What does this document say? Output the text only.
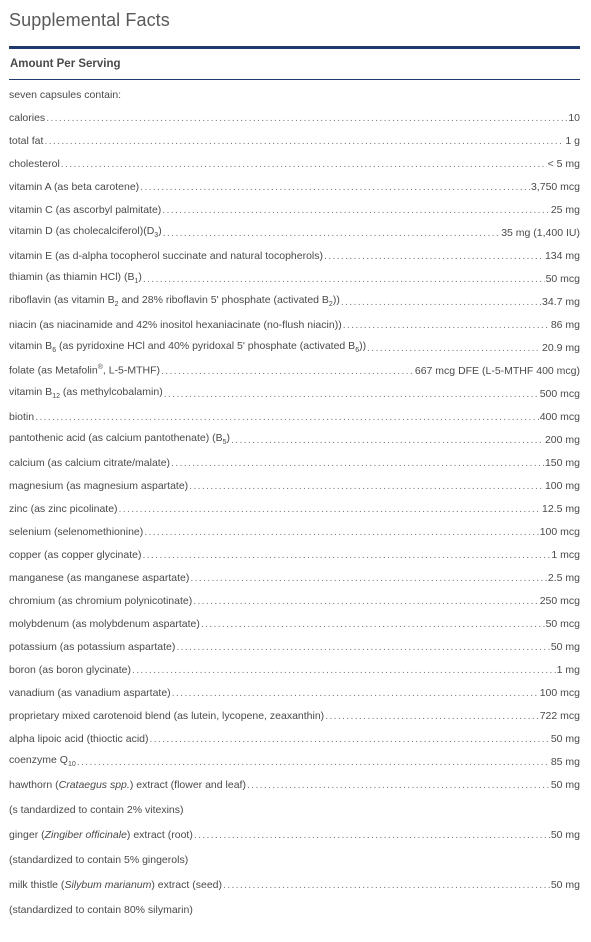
Supplemental Facts
Amount Per Serving
seven capsules contain:
calories .....	10
total fat .....	1 g
cholesterol .....	< 5 mg
vitamin A (as beta carotene) .....	3,750 mcg
vitamin C (as ascorbyl palmitate) .....	25 mg
vitamin D (as $cholecalciferol)(D_3)$ .....	35 mg (1,400 IU)
vitamin E (as d-alpha tocopherol succinate and natural tocopherols) .....	134 mg
thiamin (as thiamin HCl) $(B_1)$ .....	50 mcg
riboflavin (as vitamin $B_2$ and 28% riboflavin 5' phosphate (activated $B_2$)) .....	34.7 mg
niacin (as niacinamide and 42% inositol hexaniacinate (no-flush niacin)) .....	86 mg
vitamin $B_6$ (as pyridoxine HCl and 40% pyridoxal 5' phosphate (activated $B_6$)) .....	20.9 mg
folate (as Metafolin®, L-5-MTHF) .....	667 mcg DFE (L-5-MTHF 400 mcg)
vitamin $B_{12}$ (as methylcobalamin) .....	500 mcg
biotin .....	400 mcg
pantothenic acid (as calcium pantothenate) $(B_5)$ .....	200 mg
calcium (as calcium citrate/malate) .....	150 mg
magnesium (as magnesium aspartate) .....	100 mg
zinc (as zinc picolinate) .....	12.5 mg
selenium (selenomethionine) .....	100 mcg
copper (as copper glycinate) .....	1 mcg
manganese (as manganese aspartate) .....	2.5 mg
chromium (as chromium polynicotinate) .....	250 mcg
molybdenum (as molybdenum aspartate) .....	50 mcg
potassium (as potassium aspartate) .....	50 mg
boron (as boron glycinate) .....	1 mg
vanadium (as vanadium aspartate) .....	100 mcg
proprietary mixed carotenoid blend (as lutein, lycopene, zeaxanthin) .....	722 mcg
alpha lipoic acid (thioctic acid) .....	50 mg
coenzyme $Q_{10}$ .....	85 mg
hawthorn (Crataegus spp.) extract (flower and leaf) .....	50 mg
(s tandardized to contain 2% vitexins)
ginger (Zingiber officinale) extract (root) .....	50 mg
(standardized to contain 5% gingerols)
milk thistle (Silybum marianum) extract (seed) .....	50 mg
(standardized to contain 80% silymarin)
